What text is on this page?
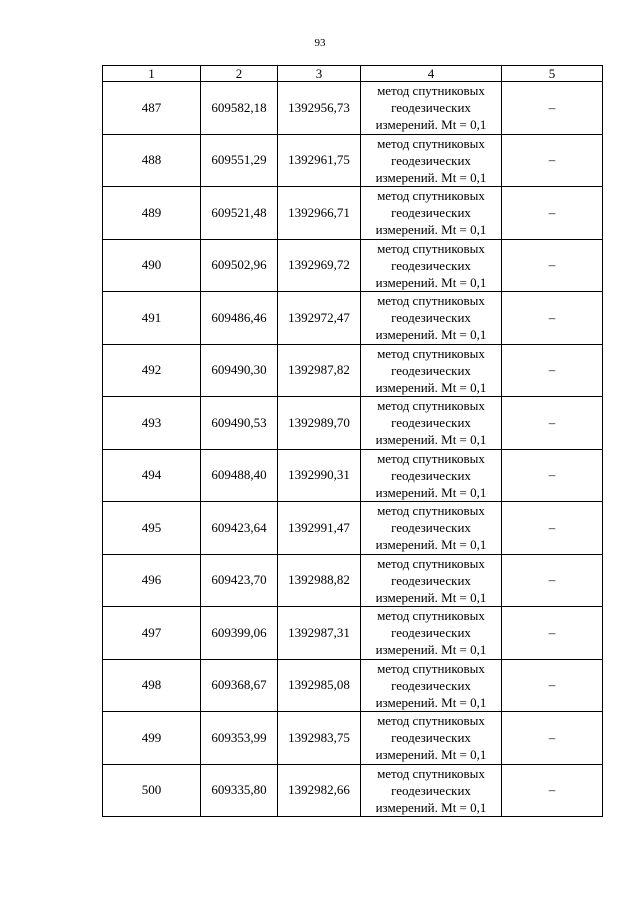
93
1	2	3	4	5
487	609582,18	1392956,73	метод спутниковых
геодезических
измерений. Mt = 0,1	–
488	609551,29	1392961,75	метод спутниковых
геодезических
измерений. Mt = 0,1	–
489	609521,48	1392966,71	метод спутниковых
геодезических
измерений. Mt = 0,1	–
490	609502,96	1392969,72	метод спутниковых
геодезических
измерений. Mt = 0,1	–
491	609486,46	1392972,47	метод спутниковых
геодезических
измерений. Mt = 0,1	–
492	609490,30	1392987,82	метод спутниковых
геодезических
измерений. Mt = 0,1	–
493	609490,53	1392989,70	метод спутниковых
геодезических
измерений. Mt = 0,1	–
494	609488,40	1392990,31	метод спутниковых
геодезических
измерений. Mt = 0,1	–
495	609423,64	1392991,47	метод спутниковых
геодезических
измерений. Mt = 0,1	–
496	609423,70	1392988,82	метод спутниковых
геодезических
измерений. Mt = 0,1	–
497	609399,06	1392987,31	метод спутниковых
геодезических
измерений. Mt = 0,1	–
498	609368,67	1392985,08	метод спутниковых
геодезических
измерений. Mt = 0,1	–
499	609353,99	1392983,75	метод спутниковых
геодезических
измерений. Mt = 0,1	–
500	609335,80	1392982,66	метод спутниковых
геодезических
измерений. Mt = 0,1	–
